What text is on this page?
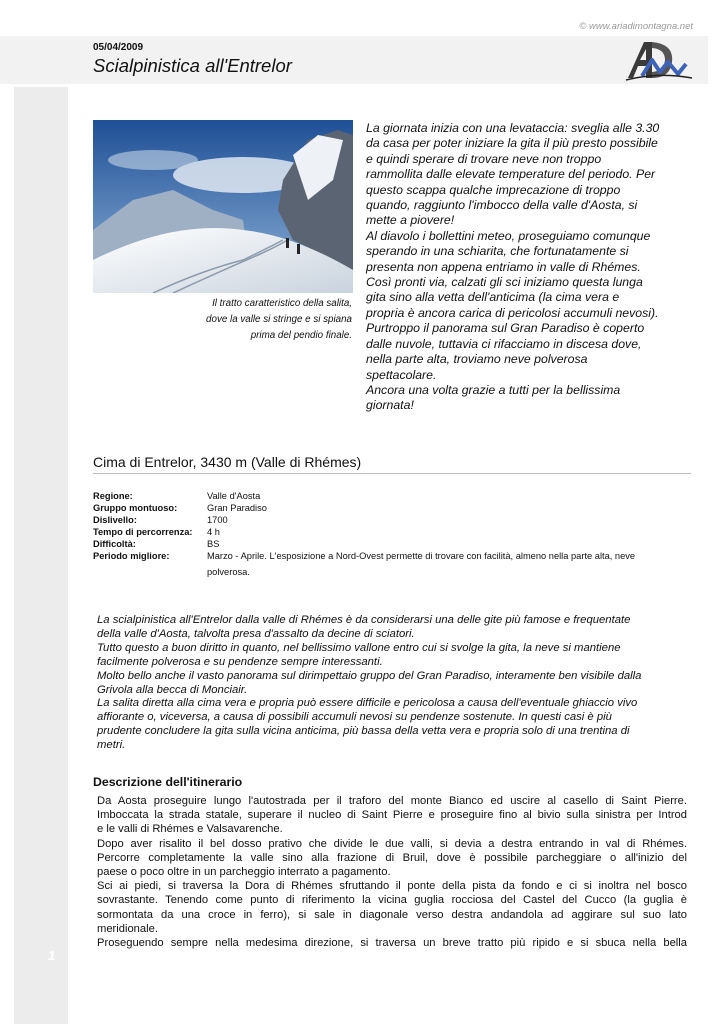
© www.ariadimontagna.net
1
05/04/2009
Scialpinistica all'Entrelor
Il tratto caratteristico della salita,
dove la valle si stringe e si spiana
prima del pendio finale.
La giornata inizia con una levataccia: sveglia alle 3.30
da casa per poter iniziare la gita il più presto possibile
e quindi sperare di trovare neve non troppo
rammollita dalle elevate temperature del periodo. Per
questo scappa qualche imprecazione di troppo
quando, raggiunto l'imbocco della valle d'Aosta, si
mette a piovere!
Al diavolo i bollettini meteo, proseguiamo comunque
sperando in una schiarita, che fortunatamente si
presenta non appena entriamo in valle di Rhémes.
Così pronti via, calzati gli sci iniziamo questa lunga
gita sino alla vetta dell'anticima (la cima vera e
propria è ancora carica di pericolosi accumuli nevosi).
Purtroppo il panorama sul Gran Paradiso è coperto
dalle nuvole, tuttavia ci rifacciamo in discesa dove,
nella parte alta, troviamo neve polverosa
spettacolare.
Ancora una volta grazie a tutti per la bellissima
giornata!
Cima di Entrelor, 3430 m (Valle di Rhémes)
Regione:	Valle d'Aosta
Gruppo montuoso:	Gran Paradiso
Dislivello:	1700
Tempo di percorrenza: 4 h
Difficoltà:	BS
Periodo migliore:	Marzo - Aprile. L'esposizione a Nord-Ovest permette di trovare con facilità, almeno nella parte alta, neve
polverosa.
La scialpinistica all'Entrelor dalla valle di Rhémes è da considerarsi una delle gite più famose e frequentate
della valle d'Aosta, talvolta presa d'assalto da decine di sciatori.
Tutto questo a buon diritto in quanto, nel bellissimo vallone entro cui si svolge la gita, la neve si mantiene
facilmente polverosa e su pendenze sempre interessanti.
Molto bello anche il vasto panorama sul dirimpettaio gruppo del Gran Paradiso, interamente ben visibile dalla
Grivola alla becca di Monciair.
La salita diretta alla cima vera e propria può essere difficile e pericolosa a causa dell'eventuale ghiaccio vivo
affiorante o, viceversa, a causa di possibili accumuli nevosi su pendenze sostenute. In questi casi è più
prudente concludere la gita sulla vicina anticima, più bassa della vetta vera e propria solo di una trentina di
metri.
Descrizione dell'itinerario
Da Aosta proseguire lungo l'autostrada per il traforo del monte Bianco ed uscire al casello di Saint Pierre.
Imboccata la strada statale, superare il nucleo di Saint Pierre e proseguire fino al bivio sulla sinistra per Introd
e le valli di Rhémes e Valsavarenche.
Dopo aver risalito il bel dosso prativo che divide le due valli, si devia a destra entrando in val di Rhémes.
Percorre completamente la valle sino alla frazione di Bruil, dove è possibile parcheggiare o all'inizio del
paese o poco oltre in un parcheggio interrato a pagamento.
Sci ai piedi, si traversa la Dora di Rhémes sfruttando il ponte della pista da fondo e ci si inoltra nel bosco
sovrastante. Tenendo come punto di riferimento la vicina guglia rocciosa del Castel del Cucco (la guglia è
sormontata da una croce in ferro), si sale in diagonale verso destra andandola ad aggirare sul suo lato
meridionale.
Proseguendo sempre nella medesima direzione, si traversa un breve tratto più ripido e si sbuca nella bella
